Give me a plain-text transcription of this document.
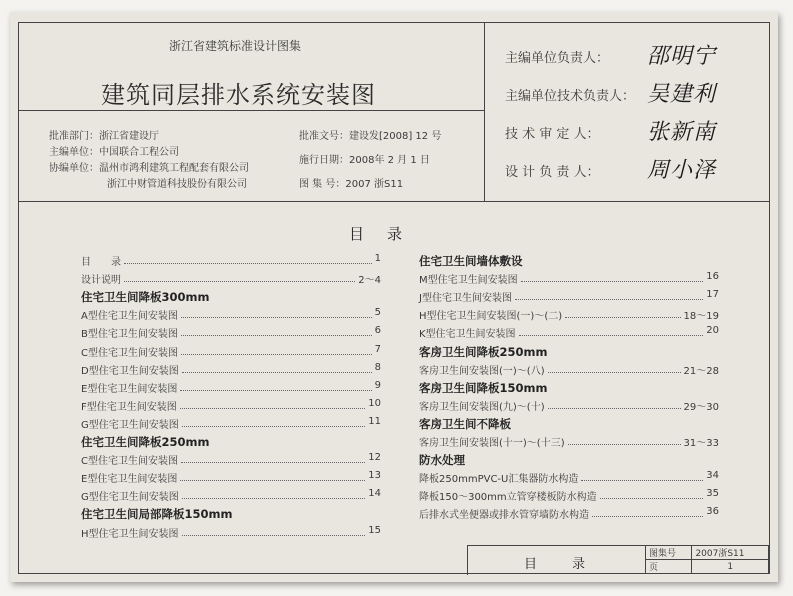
浙江省建筑标准设计图集
建筑同层排水系统安装图
批准部门：浙江省建设厅
主编单位：中国联合工程公司
协编单位：温州市鸿利建筑工程配套有限公司
浙江中财管道科技股份有限公司
批准文号：建设发[2008] 12 号
施行日期：2008年 2 月 1 日
图 集 号：2007 浙S11
主编单位负责人： 邵明宁
主编单位技术负责人： 吴建利
技 术 审 定 人： 张新南
设 计 负 责 人： 周小泽
目　录
目　　录	1
设计说明	2～4
住宅卫生间降板300mm
A型住宅卫生间安装图	5
B型住宅卫生间安装图	6
C型住宅卫生间安装图	7
D型住宅卫生间安装图	8
E型住宅卫生间安装图	9
F型住宅卫生间安装图	10
G型住宅卫生间安装图	11
住宅卫生间降板250mm
C型住宅卫生间安装图	12
E型住宅卫生间安装图	13
G型住宅卫生间安装图	14
住宅卫生间局部降板150mm
H型住宅卫生间安装图	15
住宅卫生间墙体敷设
M型住宅卫生间安装图	16
J型住宅卫生间安装图	17
H型住宅卫生间安装图(一)～(二)	18～19
K型住宅卫生间安装图	20
客房卫生间降板250mm
客房卫生间安装图(一)～(八)	21～28
客房卫生间降板150mm
客房卫生间安装图(九)～(十)	29～30
客房卫生间不降板
客房卫生间安装图(十一)～(十三)	31～33
防水处理
降板250mmPVC-U汇集器防水构造	34
降板150～300mm立管穿楼板防水构造	35
后排水式坐便器或排水管穿墙防水构造	36
目　　录
图集号	2007浙S11
页	1
